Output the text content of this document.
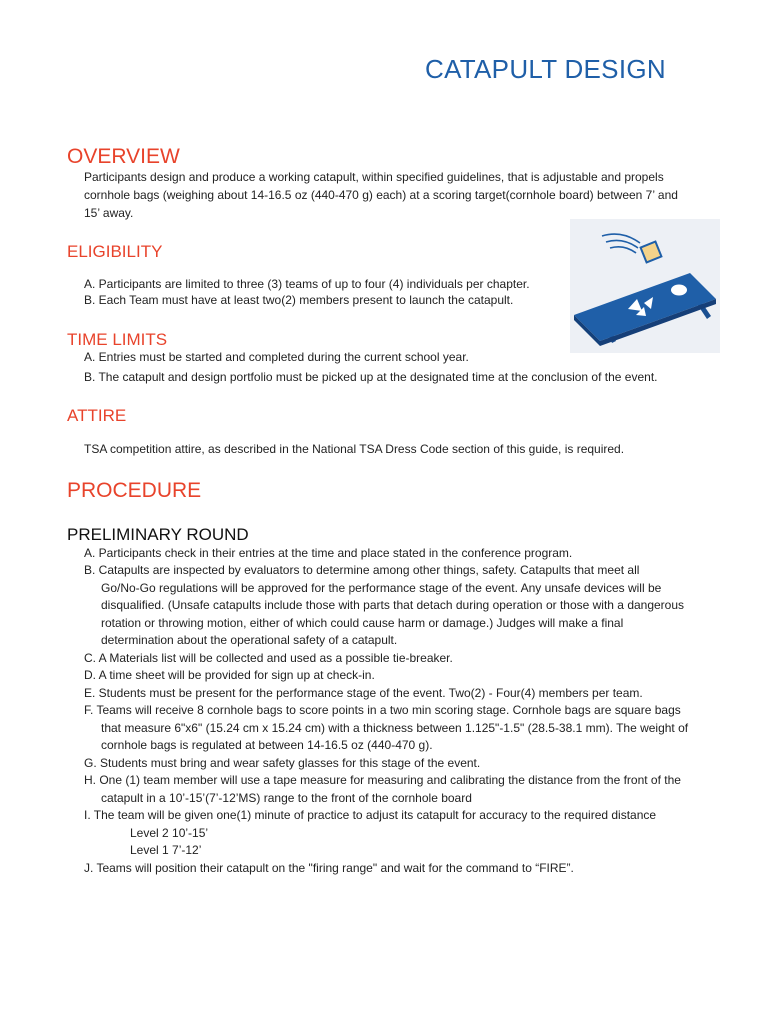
CATAPULT DESIGN
OVERVIEW
Participants design and produce a working catapult, within specified guidelines, that is adjustable and propels
cornhole bags (weighing about 14-16.5 oz (440-470 g) each) at a scoring target(cornhole board) between 7’ and
15’ away.
ELIGIBILITY
A. Participants are limited to three (3) teams of up to four (4) individuals per chapter.
B. Each Team must have at least two(2) members present to launch the catapult.
TIME LIMITS
A. Entries must be started and completed during the current school year.
B. The catapult and design portfolio must be picked up at the designated time at the conclusion of the event.
ATTIRE
TSA competition attire, as described in the National TSA Dress Code section of this guide, is required.
PROCEDURE
PRELIMINARY ROUND
A. Participants check in their entries at the time and place stated in the conference program.
B. Catapults are inspected by evaluators to determine among other things, safety. Catapults that meet all
Go/No-Go regulations will be approved for the performance stage of the event. Any unsafe devices will be
disqualified. (Unsafe catapults include those with parts that detach during operation or those with a dangerous
rotation or throwing motion, either of which could cause harm or damage.) Judges will make a final
determination about the operational safety of a catapult.
C. A Materials list will be collected and used as a possible tie-breaker.
D. A time sheet will be provided for sign up at check-in.
E. Students must be present for the performance stage of the event. Two(2) - Four(4) members per team.
F. Teams will receive 8 cornhole bags to score points in a two min scoring stage. Cornhole bags are square bags
that measure 6"x6" (15.24 cm x 15.24 cm) with a thickness between 1.125"-1.5" (28.5-38.1 mm). The weight of
cornhole bags is regulated at between 14-16.5 oz (440-470 g).
G. Students must bring and wear safety glasses for this stage of the event.
H. One (1) team member will use a tape measure for measuring and calibrating the distance from the front of the
catapult in a 10’-15’(7’-12’MS) range to the front of the cornhole board
I. The team will be given one(1) minute of practice to adjust its catapult for accuracy to the required distance
Level 2 10’-15’
Level 1 7’-12’
J. Teams will position their catapult on the "firing range" and wait for the command to “FIRE”.
